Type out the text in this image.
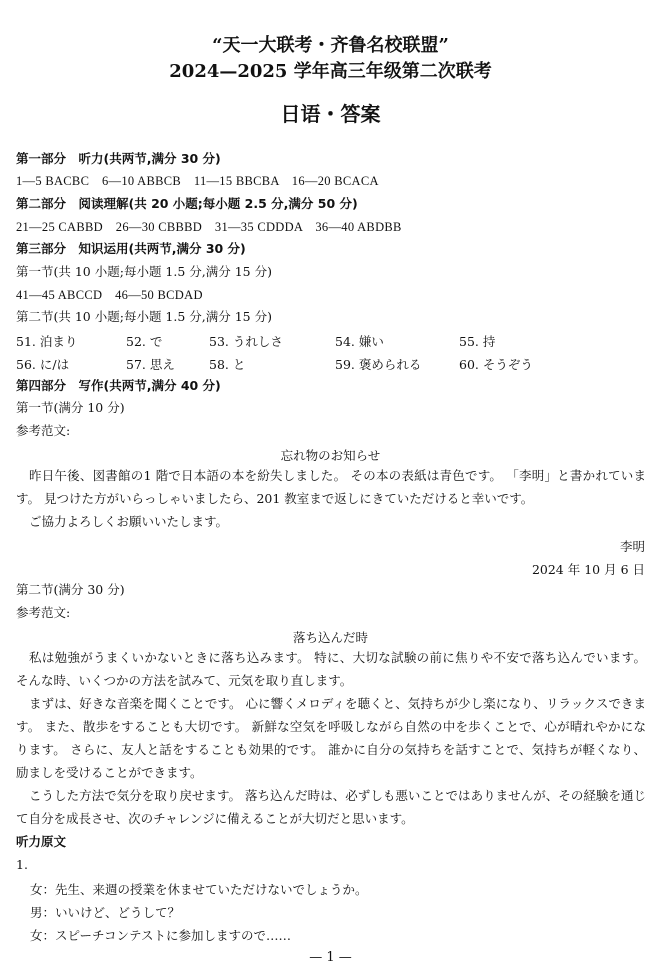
“天一大联考・齐鲁名校联盟”
2024—2025 学年高三年级第二次联考
日语・答案
第一部分　听力(共两节,满分 30 分)
1—5 BACBC　6—10 ABBCB　11—15 BBCBA　16—20 BCACA
第二部分　阅读理解(共 20 小题;每小题 2.5 分,满分 50 分)
21—25 CABBD　26—30 CBBBD　31—35 CDDDA　36—40 ABDBB
第三部分　知识运用(共两节,满分 30 分)
第一节(共 10 小题;每小题 1.5 分,满分 15 分)
41—45 ABCCD　46—50 BCDAD
第二节(共 10 小题;每小题 1.5 分,满分 15 分)
51. 泊まり	52. で	53. うれしさ	54. 嫌い	55. 持
56. に/は	57. 思え	58. と	59. 褒められる	60. そうぞう
第四部分　写作(共两节,满分 40 分)
第一节(满分 10 分)
参考范文:
忘れ物のお知らせ
昨日午後、図書館の1 階で日本語の本を紛失しました。 その本の表紙は青色です。 「李明」と書かれています。 見つけた方がいらっしゃいましたら、201 教室まで返しにきていただけると幸いです。
ご協力よろしくお願いいたします。
李明
2024 年 10 月 6 日
第二节(满分 30 分)
参考范文:
落ち込んだ時
私は勉強がうまくいかないときに落ち込みます。 特に、大切な試験の前に焦りや不安で落ち込んでいます。 そんな時、いくつかの方法を試みて、元気を取り直します。
まずは、好きな音楽を聞くことです。 心に響くメロディを聴くと、気持ちが少し楽になり、リラックスできます。 また、散歩をすることも大切です。 新鮮な空気を呼吸しながら自然の中を歩くことで、心が晴れやかになります。 さらに、友人と話をすることも効果的です。 誰かに自分の気持ちを話すことで、気持ちが軽くなり、励ましを受けることができます。
こうした方法で気分を取り戻せます。 落ち込んだ時は、必ずしも悪いことではありませんが、その経験を通じて自分を成長させ、次のチャレンジに備えることが大切だと思います。
听力原文
1.
女：先生、来週の授業を休ませていただけないでしょうか。
男：いいけど、どうして？
女：スピーチコンテストに参加しますので……
— 1 —
